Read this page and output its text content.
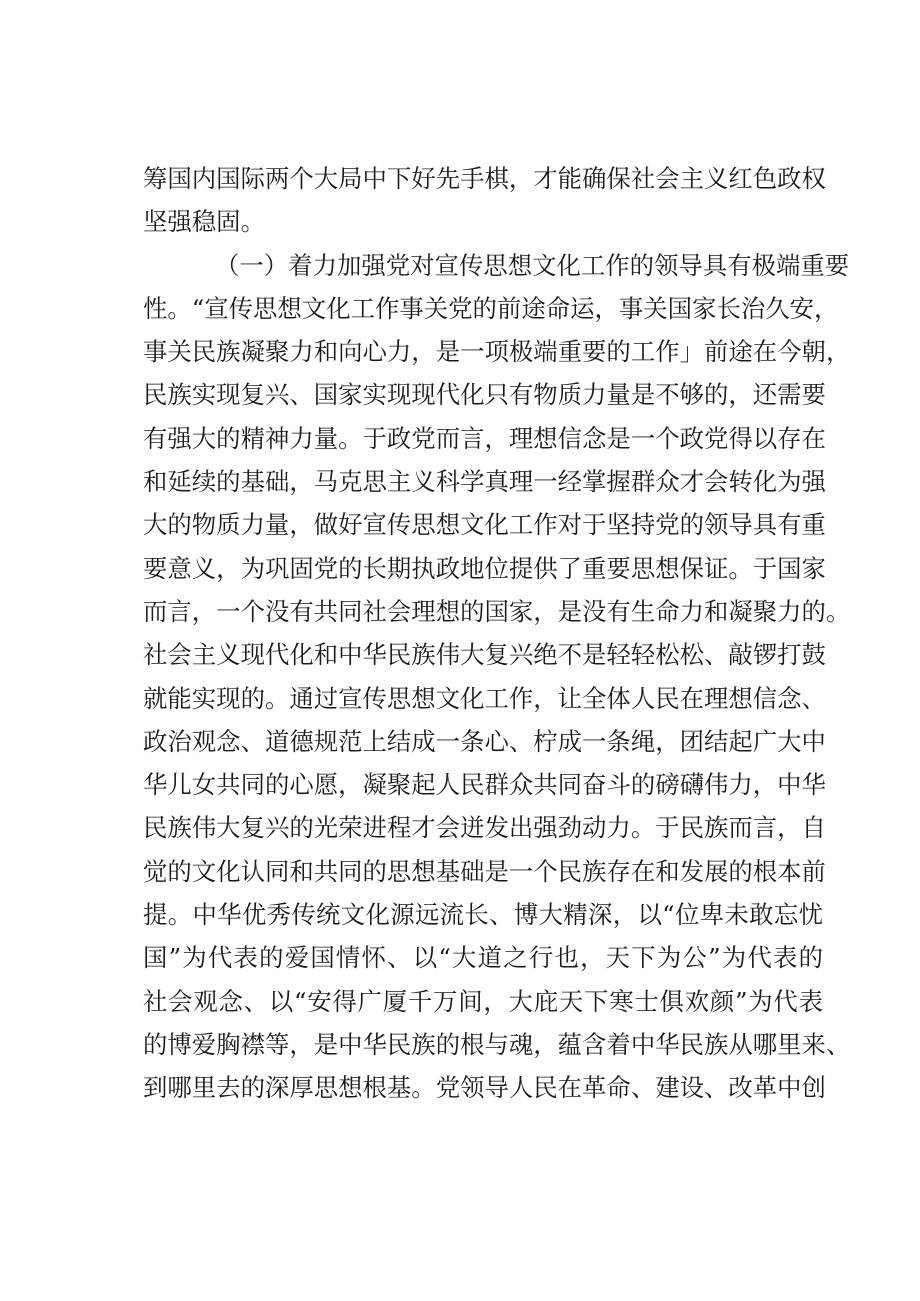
筹国内国际两个大局中下好先手棋，才能确保社会主义红色政权
坚强稳固。
（一）着力加强党对宣传思想文化工作的领导具有极端重要
性。“宣传思想文化工作事关党的前途命运，事关国家长治久安，
事关民族凝聚力和向心力，是一项极端重要的工作」前途在今朝，
民族实现复兴、国家实现现代化只有物质力量是不够的，还需要
有强大的精神力量。于政党而言，理想信念是一个政党得以存在
和延续的基础，马克思主义科学真理一经掌握群众才会转化为强
大的物质力量，做好宣传思想文化工作对于坚持党的领导具有重
要意义，为巩固党的长期执政地位提供了重要思想保证。于国家
而言，一个没有共同社会理想的国家，是没有生命力和凝聚力的。
社会主义现代化和中华民族伟大复兴绝不是轻轻松松、敲锣打鼓
就能实现的。通过宣传思想文化工作，让全体人民在理想信念、
政治观念、道德规范上结成一条心、柠成一条绳，团结起广大中
华儿女共同的心愿，凝聚起人民群众共同奋斗的磅礴伟力，中华
民族伟大复兴的光荣进程才会迸发出强劲动力。于民族而言，自
觉的文化认同和共同的思想基础是一个民族存在和发展的根本前
提。中华优秀传统文化源远流长、博大精深，以“位卑未敢忘忧
国”为代表的爱国情怀、以“大道之行也，天下为公”为代表的
社会观念、以“安得广厦千万间，大庇天下寒士俱欢颜”为代表
的博爱胸襟等，是中华民族的根与魂，蕴含着中华民族从哪里来、
到哪里去的深厚思想根基。党领导人民在革命、建设、改革中创
